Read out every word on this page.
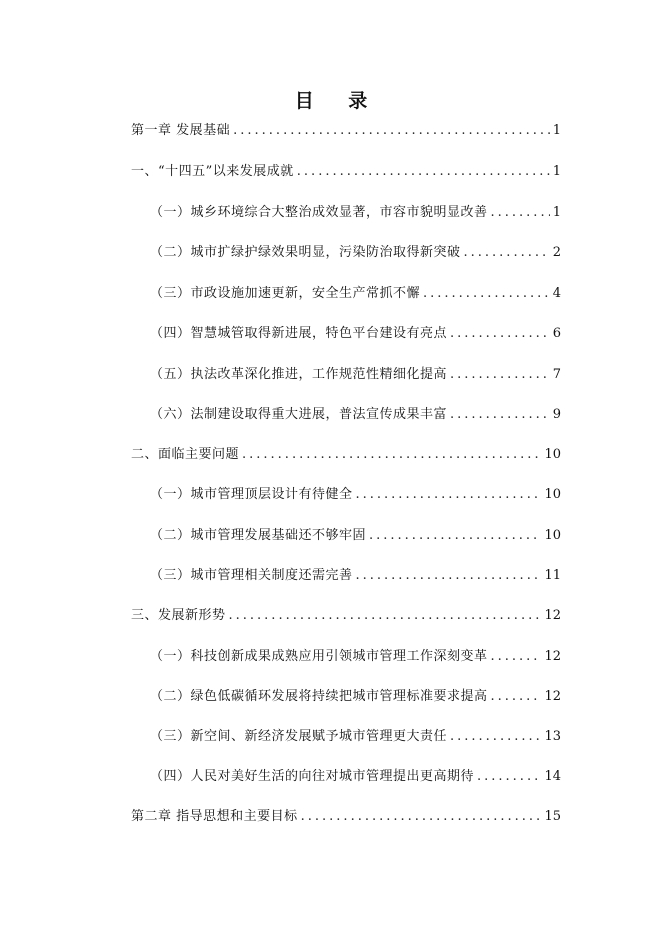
目 录
第一章 发展基础 .....	1
一、“十四五”以来发展成就 .....	1
（一）城乡环境综合大整治成效显著，市容市貌明显改善 .....	1
（二）城市扩绿护绿效果明显，污染防治取得新突破 .....	2
（三）市政设施加速更新，安全生产常抓不懈 .....	4
（四）智慧城管取得新进展，特色平台建设有亮点 .....	6
（五）执法改革深化推进，工作规范性精细化提高 .....	7
（六）法制建设取得重大进展，普法宣传成果丰富 .....	9
二、面临主要问题 .....	10
（一）城市管理顶层设计有待健全 .....	10
（二）城市管理发展基础还不够牢固 .....	10
（三）城市管理相关制度还需完善 .....	11
三、发展新形势 .....	12
（一）科技创新成果成熟应用引领城市管理工作深刻变革 .....	12
（二）绿色低碳循环发展将持续把城市管理标准要求提高 .....	12
（三）新空间、新经济发展赋予城市管理更大责任 .....	13
（四）人民对美好生活的向往对城市管理提出更高期待 .....	14
第二章 指导思想和主要目标 .....	15
